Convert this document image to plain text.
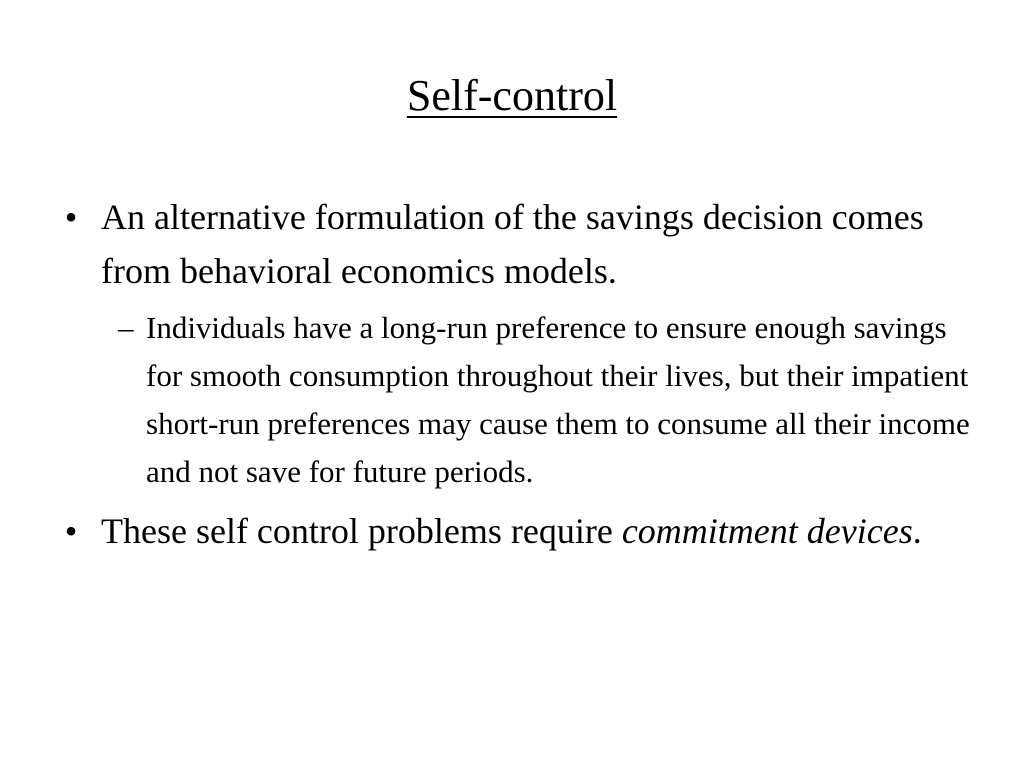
Self-control
• An alternative formulation of the savings decision comes from behavioral economics models.
– Individuals have a long-run preference to ensure enough savings for smooth consumption throughout their lives, but their impatient short-run preferences may cause them to consume all their income and not save for future periods.
• These self control problems require commitment devices.
